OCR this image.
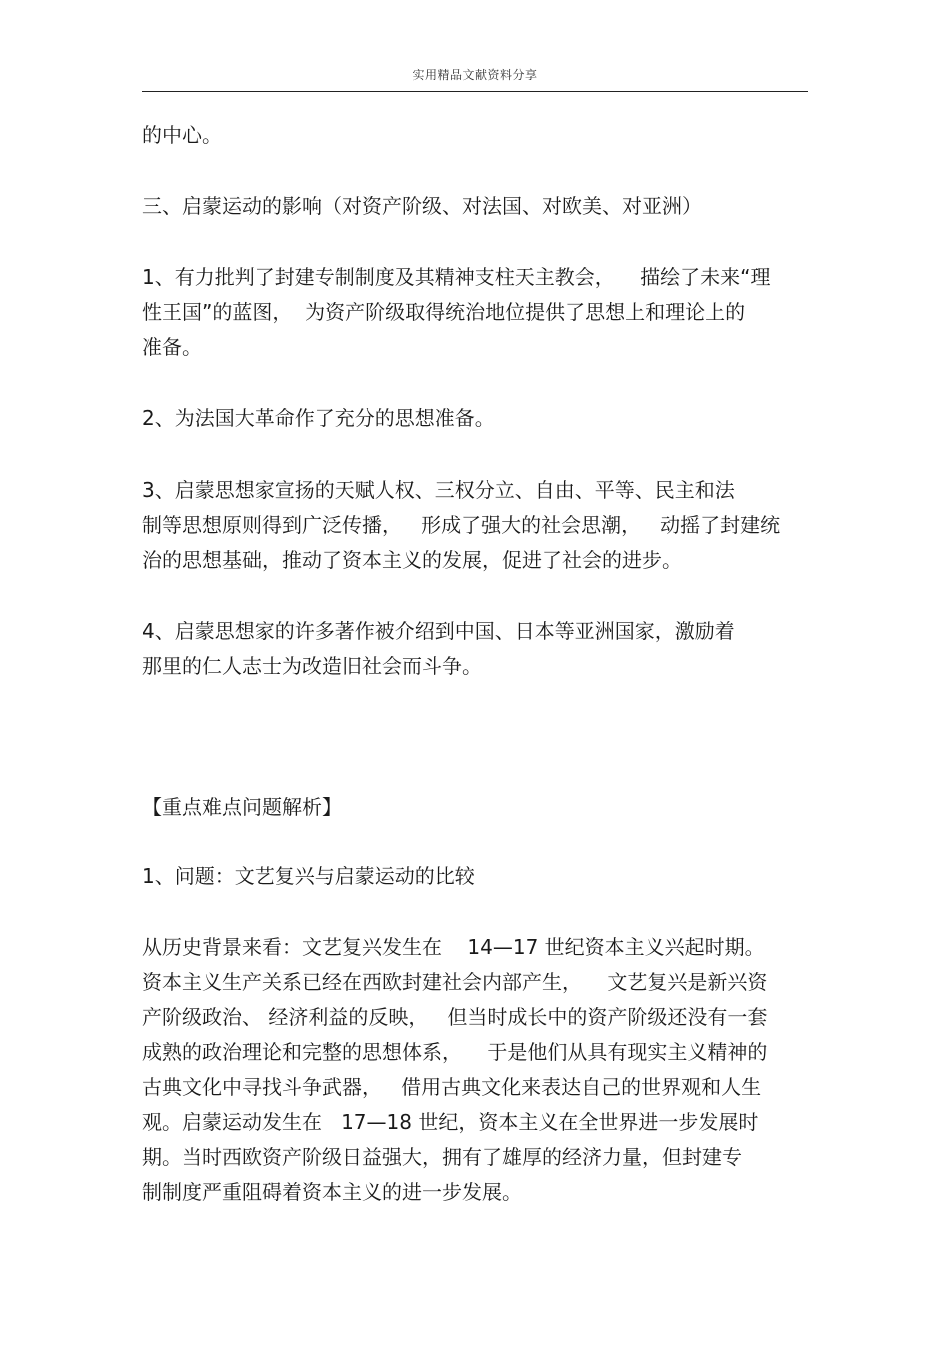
实用精品文献资料分享
的中心。
三、启蒙运动的影响（对资产阶级、对法国、对欧美、对亚洲）
1、有力批判了封建专制制度及其精神支柱天主教会，    描绘了未来“理
性王国”的蓝图，  为资产阶级取得统治地位提供了思想上和理论上的
准备。
2、为法国大革命作了充分的思想准备。
3、启蒙思想家宣扬的天赋人权、三权分立、自由、平等、民主和法
制等思想原则得到广泛传播，   形成了强大的社会思潮，   动摇了封建统
治的思想基础，推动了资本主义的发展，促进了社会的进步。
4、启蒙思想家的许多著作被介绍到中国、日本等亚洲国家，激励着
那里的仁人志士为改造旧社会而斗争。
【重点难点问题解析】
1、问题：文艺复兴与启蒙运动的比较
从历史背景来看：文艺复兴发生在    14—17 世纪资本主义兴起时期。
资本主义生产关系已经在西欧封建社会内部产生，    文艺复兴是新兴资
产阶级政治、 经济利益的反映，   但当时成长中的资产阶级还没有一套
成熟的政治理论和完整的思想体系，    于是他们从具有现实主义精神的
古典文化中寻找斗争武器，   借用古典文化来表达自己的世界观和人生
观。启蒙运动发生在   17—18 世纪，资本主义在全世界进一步发展时
期。当时西欧资产阶级日益强大，拥有了雄厚的经济力量，但封建专
制制度严重阻碍着资本主义的进一步发展。
